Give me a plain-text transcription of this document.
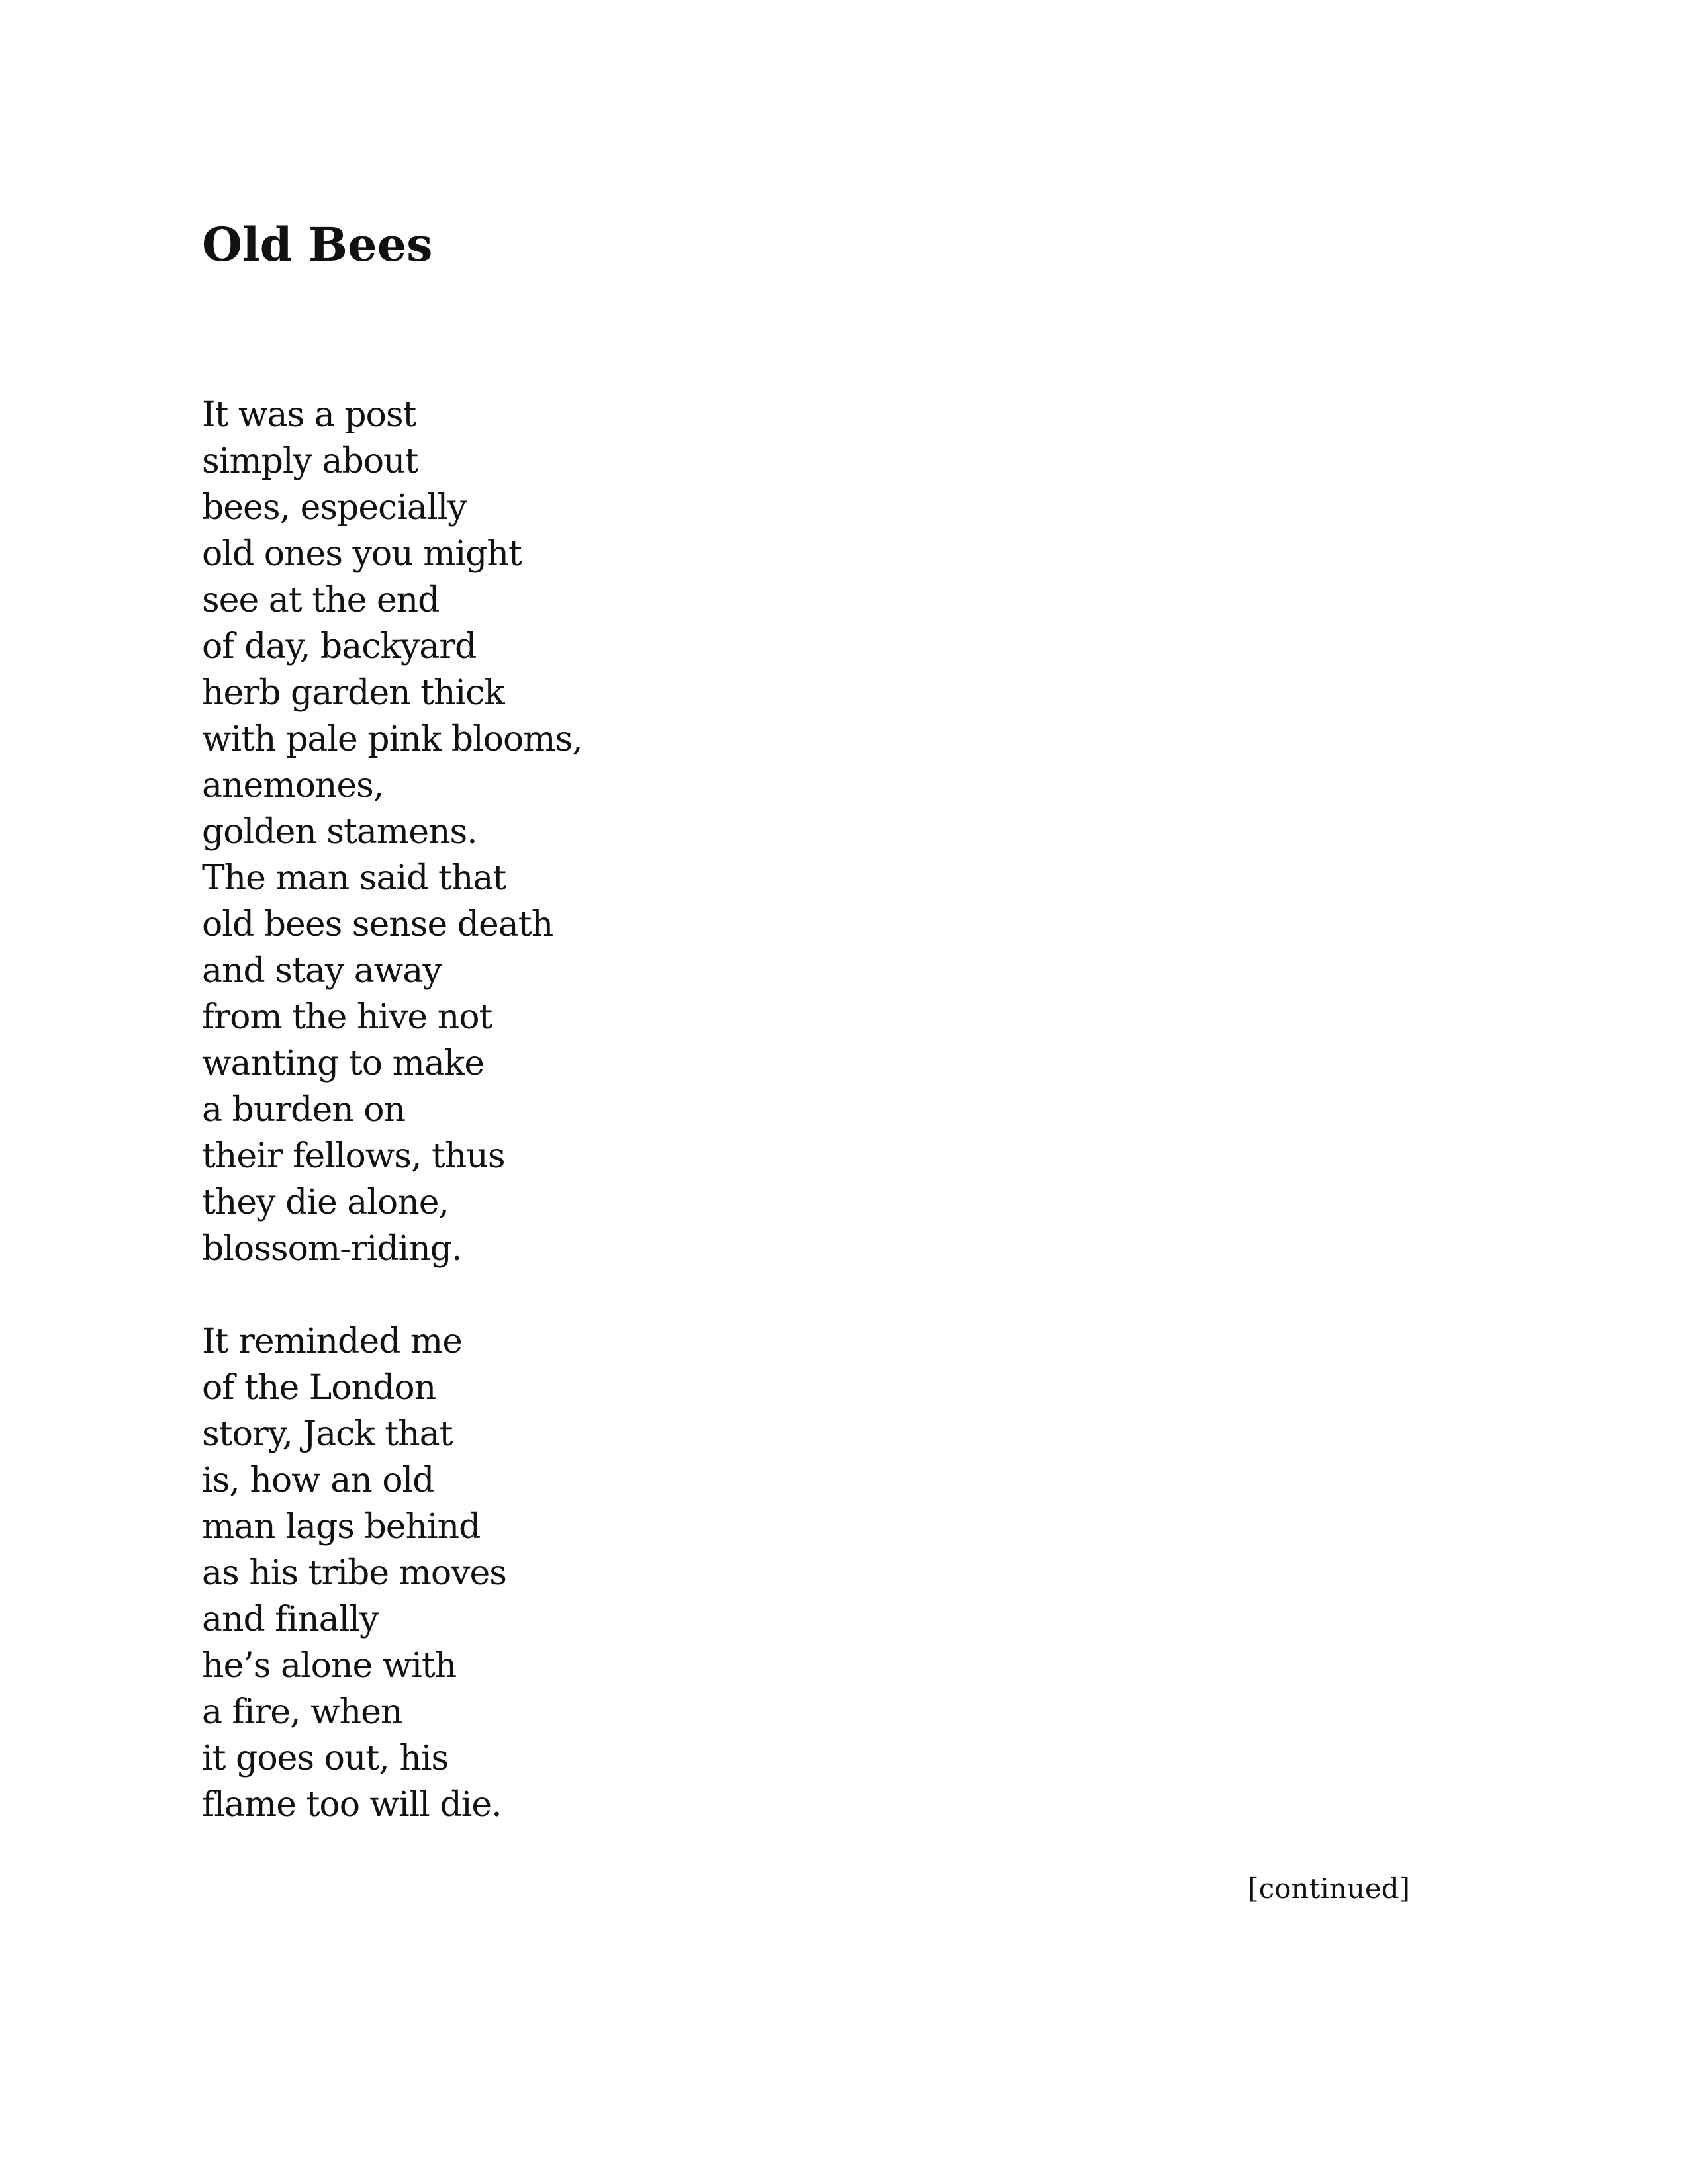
Old Bees
It was a post
simply about
bees, especially
old ones you might
see at the end
of day, backyard
herb garden thick
with pale pink blooms,
anemones,
golden stamens.
The man said that
old bees sense death
and stay away
from the hive not
wanting to make
a burden on
their fellows, thus
they die alone,
blossom-riding.
It reminded me
of the London
story, Jack that
is, how an old
man lags behind
as his tribe moves
and finally
he’s alone with
a fire, when
it goes out, his
flame too will die.

[continued]
